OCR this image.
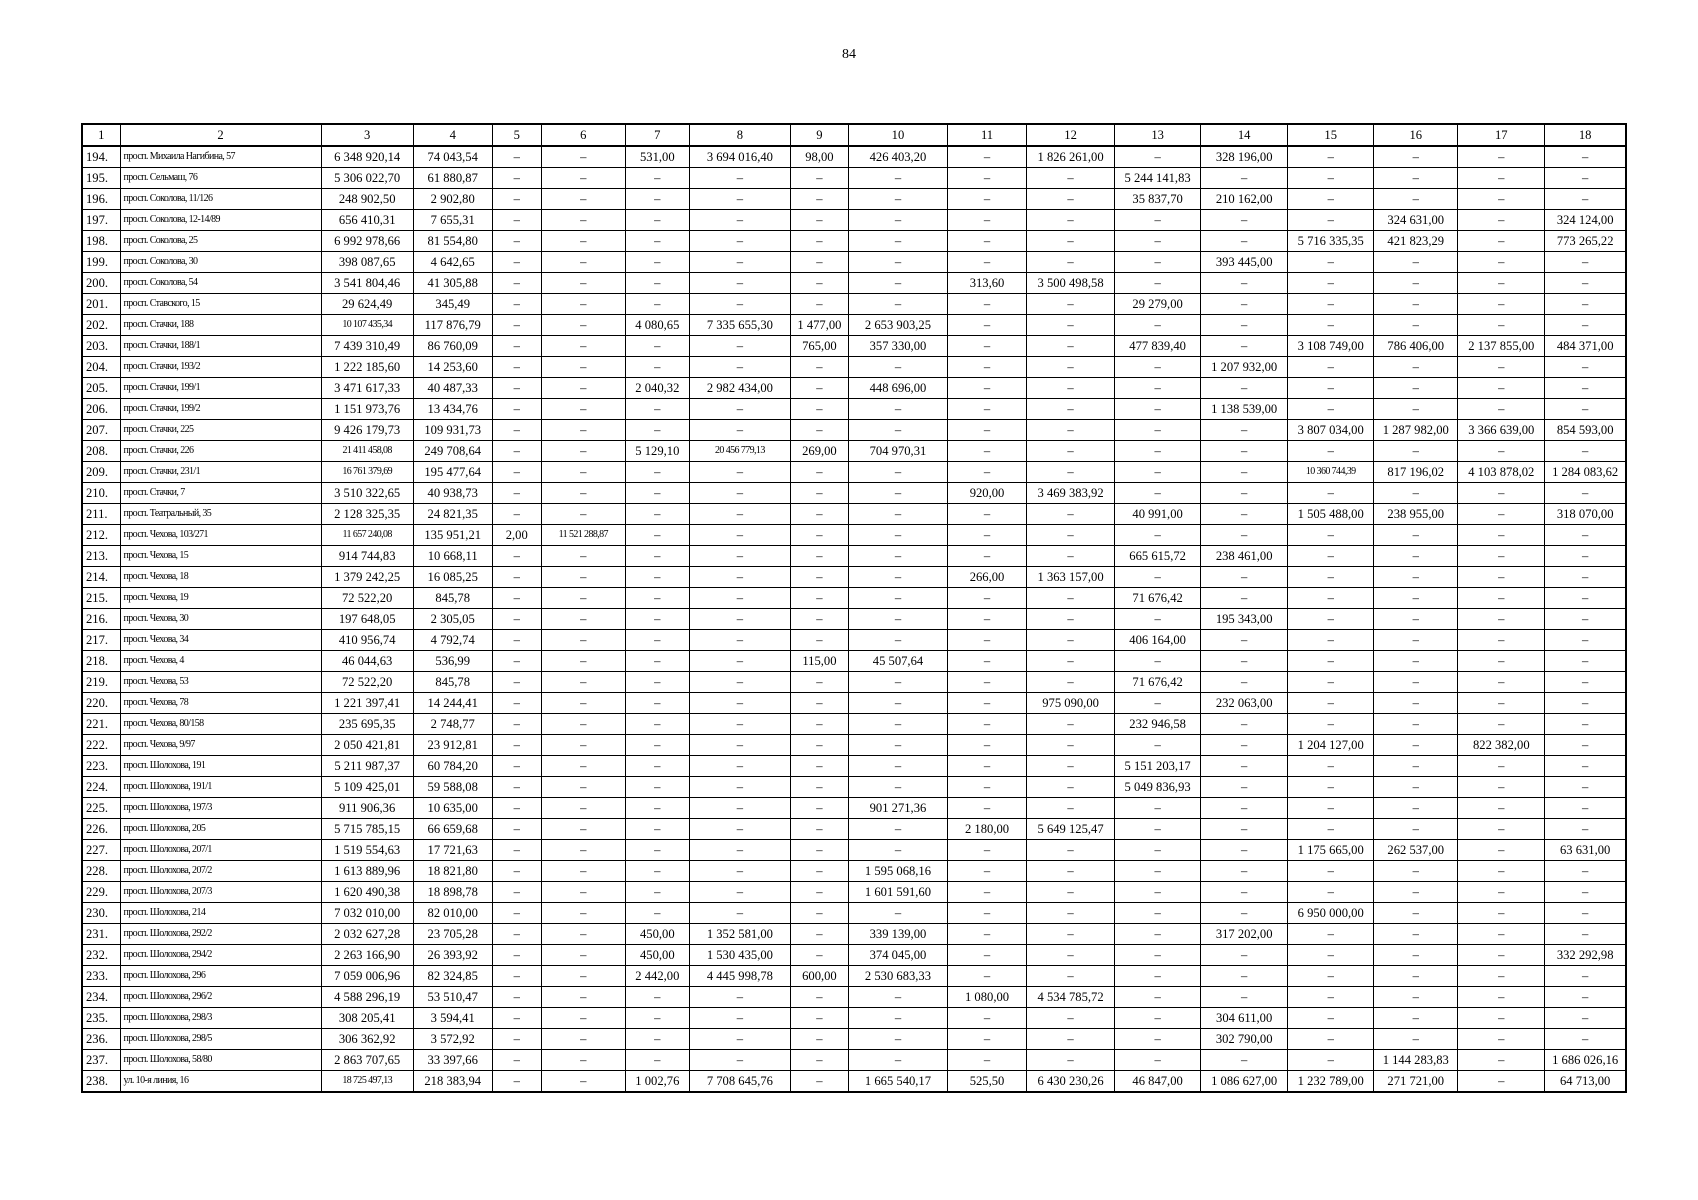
84
1	2	3	4	5	6	7	8	9	10	11	12	13	14	15	16	17	18
194.	просп. Михаила Нагибина, 57	6 348 920,14	74 043,54	–	–	531,00	3 694 016,40	98,00	426 403,20	–	1 826 261,00	–	328 196,00	–	–	–	–
195.	просп. Сельмаш, 76	5 306 022,70	61 880,87	–	–	–	–	–	–	–	–	5 244 141,83	–	–	–	–	–
196.	просп. Соколова, 11/126	248 902,50	2 902,80	–	–	–	–	–	–	–	–	35 837,70	210 162,00	–	–	–	–
197.	просп. Соколова, 12-14/89	656 410,31	7 655,31	–	–	–	–	–	–	–	–	–	–	–	324 631,00	–	324 124,00
198.	просп. Соколова, 25	6 992 978,66	81 554,80	–	–	–	–	–	–	–	–	–	–	5 716 335,35	421 823,29	–	773 265,22
199.	просп. Соколова, 30	398 087,65	4 642,65	–	–	–	–	–	–	–	–	–	393 445,00	–	–	–	–
200.	просп. Соколова, 54	3 541 804,46	41 305,88	–	–	–	–	–	–	313,60	3 500 498,58	–	–	–	–	–	–
201.	просп. Ставского, 15	29 624,49	345,49	–	–	–	–	–	–	–	–	29 279,00	–	–	–	–	–
202.	просп. Стачки, 188	10 107 435,34	117 876,79	–	–	4 080,65	7 335 655,30	1 477,00	2 653 903,25	–	–	–	–	–	–	–	–
203.	просп. Стачки, 188/1	7 439 310,49	86 760,09	–	–	–	–	765,00	357 330,00	–	–	477 839,40	–	3 108 749,00	786 406,00	2 137 855,00	484 371,00
204.	просп. Стачки, 193/2	1 222 185,60	14 253,60	–	–	–	–	–	–	–	–	–	1 207 932,00	–	–	–	–
205.	просп. Стачки, 199/1	3 471 617,33	40 487,33	–	–	2 040,32	2 982 434,00	–	448 696,00	–	–	–	–	–	–	–	–
206.	просп. Стачки, 199/2	1 151 973,76	13 434,76	–	–	–	–	–	–	–	–	–	1 138 539,00	–	–	–	–
207.	просп. Стачки, 225	9 426 179,73	109 931,73	–	–	–	–	–	–	–	–	–	–	3 807 034,00	1 287 982,00	3 366 639,00	854 593,00
208.	просп. Стачки, 226	21 411 458,08	249 708,64	–	–	5 129,10	20 456 779,13	269,00	704 970,31	–	–	–	–	–	–	–	–
209.	просп. Стачки, 231/1	16 761 379,69	195 477,64	–	–	–	–	–	–	–	–	–	–	10 360 744,39	817 196,02	4 103 878,02	1 284 083,62
210.	просп. Стачки, 7	3 510 322,65	40 938,73	–	–	–	–	–	–	920,00	3 469 383,92	–	–	–	–	–	–
211.	просп. Театральный, 35	2 128 325,35	24 821,35	–	–	–	–	–	–	–	–	40 991,00	–	1 505 488,00	238 955,00	–	318 070,00
212.	просп. Чехова, 103/271	11 657 240,08	135 951,21	2,00	11 521 288,87	–	–	–	–	–	–	–	–	–	–	–	–
213.	просп. Чехова, 15	914 744,83	10 668,11	–	–	–	–	–	–	–	–	665 615,72	238 461,00	–	–	–	–
214.	просп. Чехова, 18	1 379 242,25	16 085,25	–	–	–	–	–	–	266,00	1 363 157,00	–	–	–	–	–	–
215.	просп. Чехова, 19	72 522,20	845,78	–	–	–	–	–	–	–	–	71 676,42	–	–	–	–	–
216.	просп. Чехова, 30	197 648,05	2 305,05	–	–	–	–	–	–	–	–	–	195 343,00	–	–	–	–
217.	просп. Чехова, 34	410 956,74	4 792,74	–	–	–	–	–	–	–	–	406 164,00	–	–	–	–	–
218.	просп. Чехова, 4	46 044,63	536,99	–	–	–	–	115,00	45 507,64	–	–	–	–	–	–	–	–
219.	просп. Чехова, 53	72 522,20	845,78	–	–	–	–	–	–	–	–	71 676,42	–	–	–	–	–
220.	просп. Чехова, 78	1 221 397,41	14 244,41	–	–	–	–	–	–	–	975 090,00	–	232 063,00	–	–	–	–
221.	просп. Чехова, 80/158	235 695,35	2 748,77	–	–	–	–	–	–	–	–	232 946,58	–	–	–	–	–
222.	просп. Чехова, 9/97	2 050 421,81	23 912,81	–	–	–	–	–	–	–	–	–	–	1 204 127,00	–	822 382,00	–
223.	просп. Шолохова, 191	5 211 987,37	60 784,20	–	–	–	–	–	–	–	–	5 151 203,17	–	–	–	–	–
224.	просп. Шолохова, 191/1	5 109 425,01	59 588,08	–	–	–	–	–	–	–	–	5 049 836,93	–	–	–	–	–
225.	просп. Шолохова, 197/3	911 906,36	10 635,00	–	–	–	–	–	901 271,36	–	–	–	–	–	–	–	–
226.	просп. Шолохова, 205	5 715 785,15	66 659,68	–	–	–	–	–	–	2 180,00	5 649 125,47	–	–	–	–	–	–
227.	просп. Шолохова, 207/1	1 519 554,63	17 721,63	–	–	–	–	–	–	–	–	–	–	1 175 665,00	262 537,00	–	63 631,00
228.	просп. Шолохова, 207/2	1 613 889,96	18 821,80	–	–	–	–	–	1 595 068,16	–	–	–	–	–	–	–	–
229.	просп. Шолохова, 207/3	1 620 490,38	18 898,78	–	–	–	–	–	1 601 591,60	–	–	–	–	–	–	–	–
230.	просп. Шолохова, 214	7 032 010,00	82 010,00	–	–	–	–	–	–	–	–	–	–	6 950 000,00	–	–	–
231.	просп. Шолохова, 292/2	2 032 627,28	23 705,28	–	–	450,00	1 352 581,00	–	339 139,00	–	–	–	317 202,00	–	–	–	–
232.	просп. Шолохова, 294/2	2 263 166,90	26 393,92	–	–	450,00	1 530 435,00	–	374 045,00	–	–	–	–	–	–	–	332 292,98
233.	просп. Шолохова, 296	7 059 006,96	82 324,85	–	–	2 442,00	4 445 998,78	600,00	2 530 683,33	–	–	–	–	–	–	–	–
234.	просп. Шолохова, 296/2	4 588 296,19	53 510,47	–	–	–	–	–	–	1 080,00	4 534 785,72	–	–	–	–	–	–
235.	просп. Шолохова, 298/3	308 205,41	3 594,41	–	–	–	–	–	–	–	–	–	304 611,00	–	–	–	–
236.	просп. Шолохова, 298/5	306 362,92	3 572,92	–	–	–	–	–	–	–	–	–	302 790,00	–	–	–	–
237.	просп. Шолохова, 58/80	2 863 707,65	33 397,66	–	–	–	–	–	–	–	–	–	–	–	1 144 283,83	–	1 686 026,16
238.	ул. 10-я линия, 16	18 725 497,13	218 383,94	–	–	1 002,76	7 708 645,76	–	1 665 540,17	525,50	6 430 230,26	46 847,00	1 086 627,00	1 232 789,00	271 721,00	–	64 713,00
